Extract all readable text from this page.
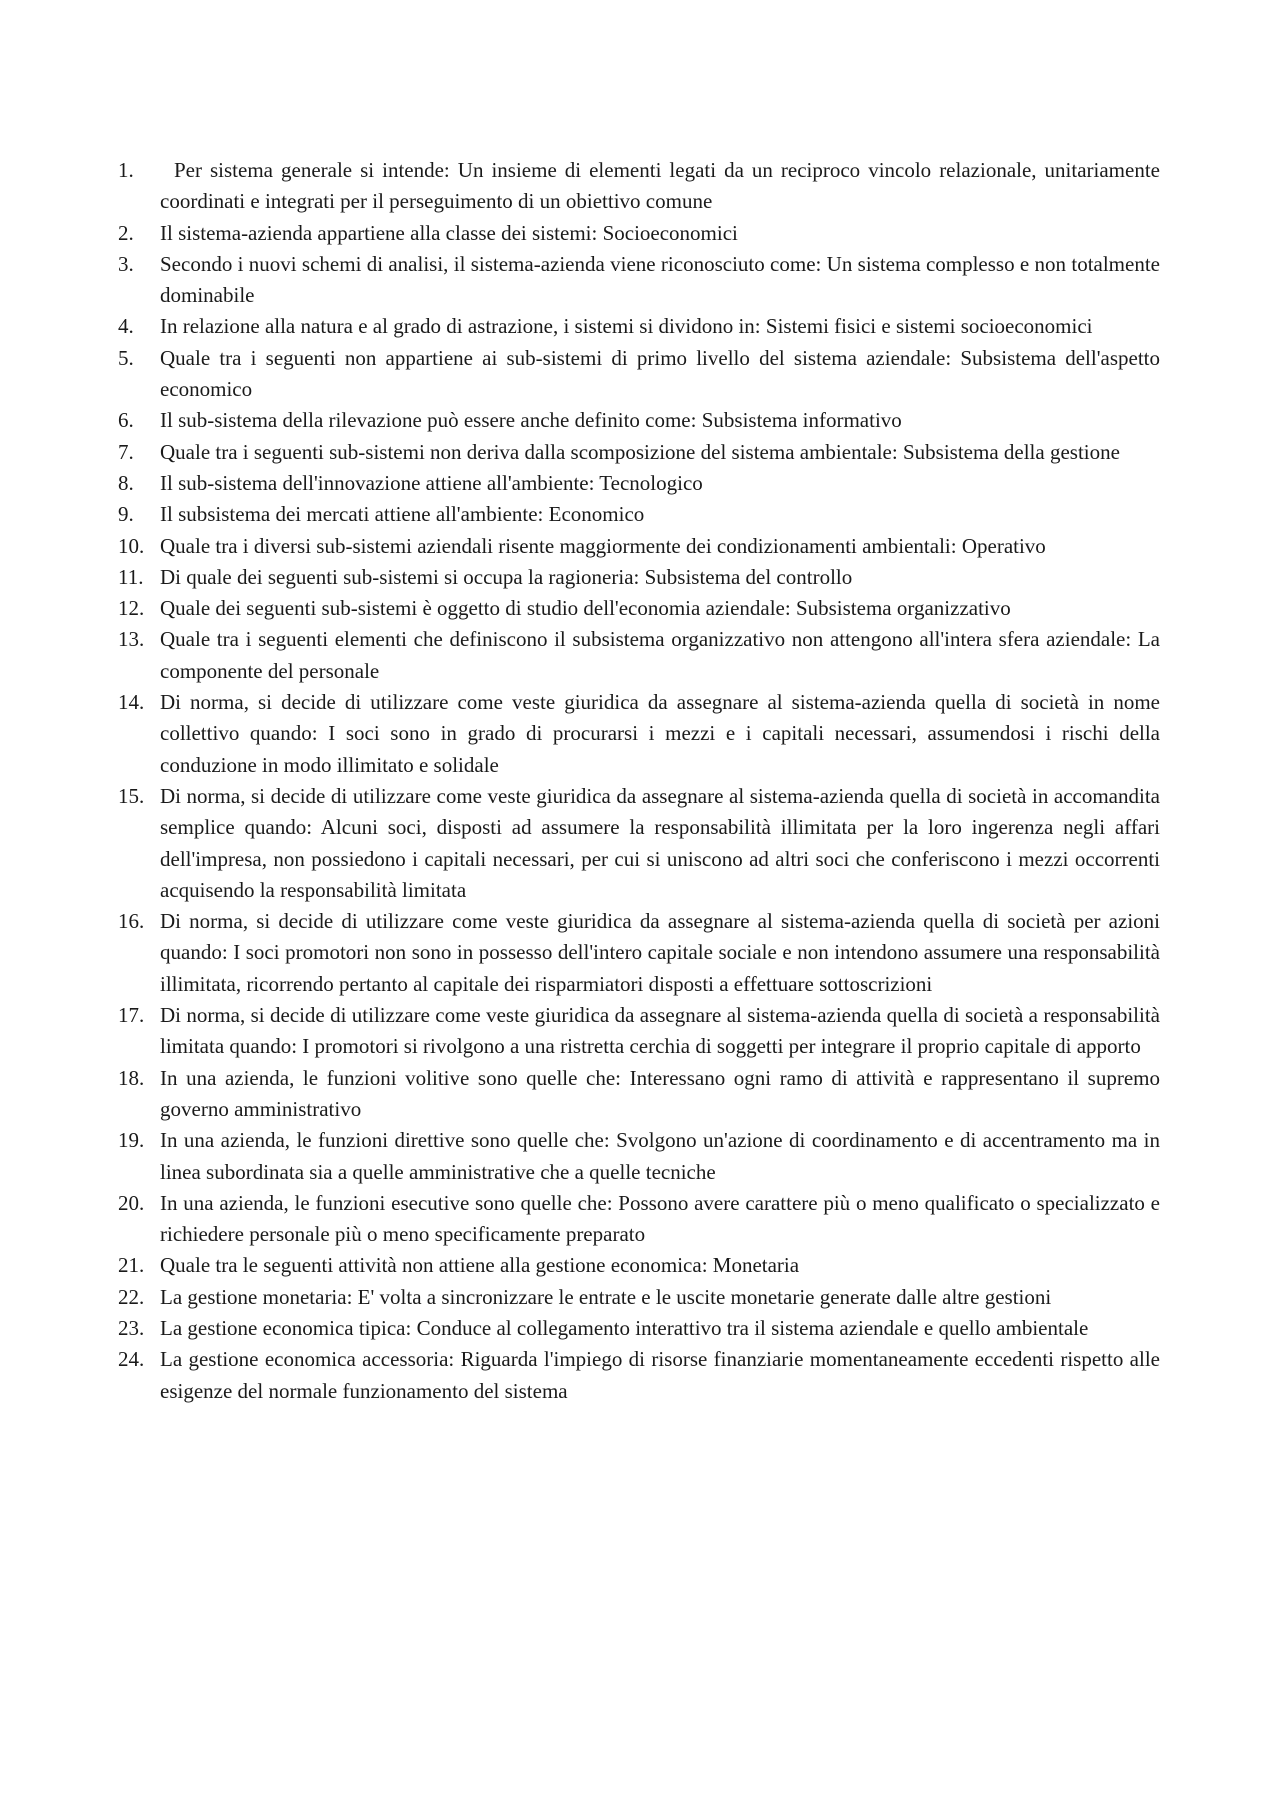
1.	Per sistema generale si intende: Un insieme di elementi legati da un reciproco vincolo relazionale, unitariamente coordinati e integrati per il perseguimento di un obiettivo comune
2. Il sistema-azienda appartiene alla classe dei sistemi: Socioeconomici
3. Secondo i nuovi schemi di analisi, il sistema-azienda viene riconosciuto come: Un sistema complesso e non totalmente dominabile
4. In relazione alla natura e al grado di astrazione, i sistemi si dividono in: Sistemi fisici e sistemi socioeconomici
5. Quale tra i seguenti non appartiene ai sub-sistemi di primo livello del sistema aziendale: Subsistema dell'aspetto economico
6. Il sub-sistema della rilevazione può essere anche definito come: Subsistema informativo
7. Quale tra i seguenti sub-sistemi non deriva dalla scomposizione del sistema ambientale: Subsistema della gestione
8. Il sub-sistema dell'innovazione attiene all'ambiente: Tecnologico
9. Il subsistema dei mercati attiene all'ambiente: Economico
10. Quale tra i diversi sub-sistemi aziendali risente maggiormente dei condizionamenti ambientali: Operativo
11. Di quale dei seguenti sub-sistemi si occupa la ragioneria: Subsistema del controllo
12. Quale dei seguenti sub-sistemi è oggetto di studio dell'economia aziendale: Subsistema organizzativo
13. Quale tra i seguenti elementi che definiscono il subsistema organizzativo non attengono all'intera sfera aziendale: La componente del personale
14. Di norma, si decide di utilizzare come veste giuridica da assegnare al sistema-azienda quella di società in nome collettivo quando: I soci sono in grado di procurarsi i mezzi e i capitali necessari, assumendosi i rischi della conduzione in modo illimitato e solidale
15. Di norma, si decide di utilizzare come veste giuridica da assegnare al sistema-azienda quella di società in accomandita semplice quando: Alcuni soci, disposti ad assumere la responsabilità illimitata per la loro ingerenza negli affari dell'impresa, non possiedono i capitali necessari, per cui si uniscono ad altri soci che conferiscono i mezzi occorrenti acquisendo la responsabilità limitata
16. Di norma, si decide di utilizzare come veste giuridica da assegnare al sistema-azienda quella di società per azioni quando: I soci promotori non sono in possesso dell'intero capitale sociale e non intendono assumere una responsabilità illimitata, ricorrendo pertanto al capitale dei risparmiatori disposti a effettuare sottoscrizioni
17. Di norma, si decide di utilizzare come veste giuridica da assegnare al sistema-azienda quella di società a responsabilità limitata quando: I promotori si rivolgono a una ristretta cerchia di soggetti per integrare il proprio capitale di apporto
18. In una azienda, le funzioni volitive sono quelle che: Interessano ogni ramo di attività e rappresentano il supremo governo amministrativo
19. In una azienda, le funzioni direttive sono quelle che: Svolgono un'azione di coordinamento e di accentramento ma in linea subordinata sia a quelle amministrative che a quelle tecniche
20. In una azienda, le funzioni esecutive sono quelle che: Possono avere carattere più o meno qualificato o specializzato e richiedere personale più o meno specificamente preparato
21. Quale tra le seguenti attività non attiene alla gestione economica: Monetaria
22. La gestione monetaria: E' volta a sincronizzare le entrate e le uscite monetarie generate dalle altre gestioni
23. La gestione economica tipica: Conduce al collegamento interattivo tra il sistema aziendale e quello ambientale
24. La gestione economica accessoria: Riguarda l'impiego di risorse finanziarie momentaneamente eccedenti rispetto alle esigenze del normale funzionamento del sistema
